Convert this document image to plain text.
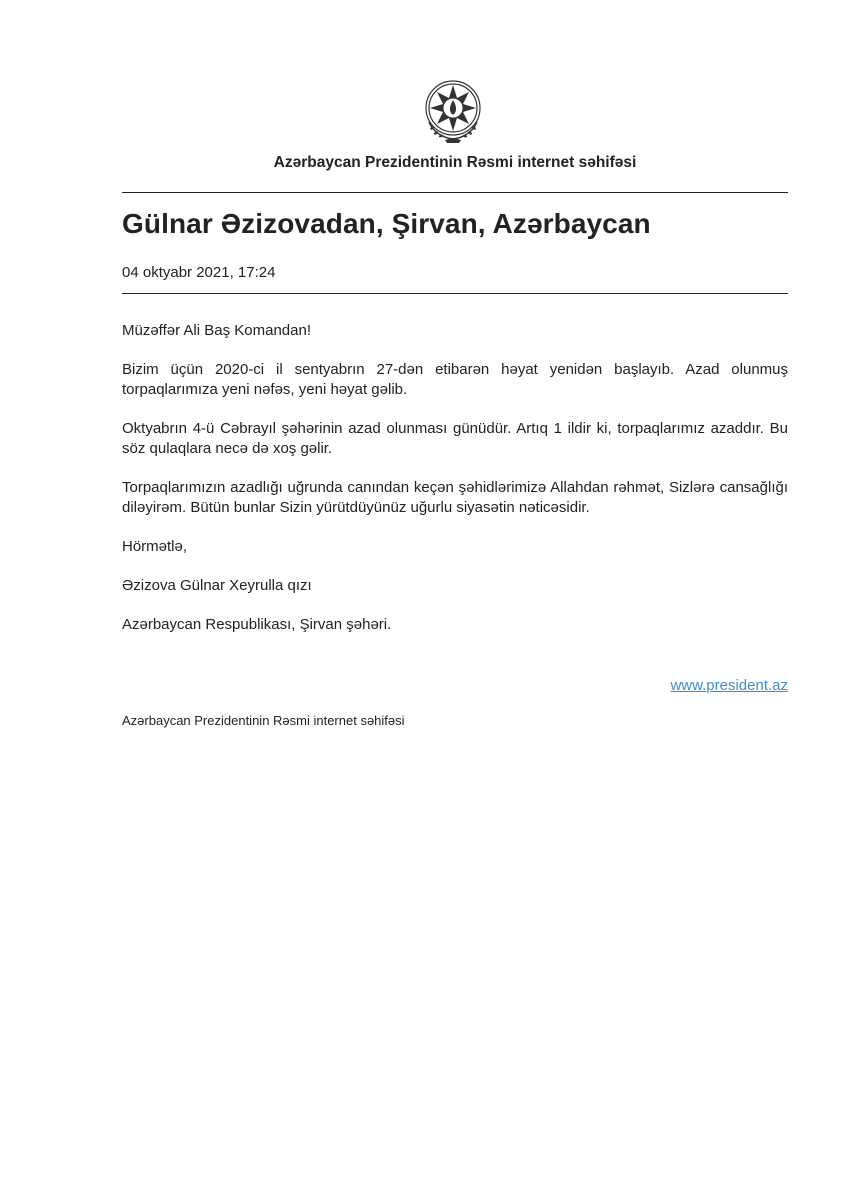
Azərbaycan Prezidentinin Rəsmi internet səhifəsi
Gülnar Əzizovadan, Şirvan, Azərbaycan
04 oktyabr 2021, 17:24

Müzəffər Ali Baş Komandan!

Bizim üçün 2020-ci il sentyabrın 27-dən etibarən həyat yenidən başlayıb. Azad olunmuş torpaqlarımıza yeni nəfəs, yeni həyat gəlib.

Oktyabrın 4-ü Cəbrayıl şəhərinin azad olunması günüdür. Artıq 1 ildir ki, torpaqlarımız azaddır. Bu söz qulaqlara necə də xoş gəlir.

Torpaqlarımızın azadlığı uğrunda canından keçən şəhidlərimizə Allahdan rəhmət, Sizlərə cansağlığı diləyirəm. Bütün bunlar Sizin yürütdüyünüz uğurlu siyasətin nəticəsidir.

Hörmətlə,

Əzizova Gülnar Xeyrulla qızı

Azərbaycan Respublikası, Şirvan şəhəri.

www.president.az
Azərbaycan Prezidentinin Rəsmi internet səhifəsi
